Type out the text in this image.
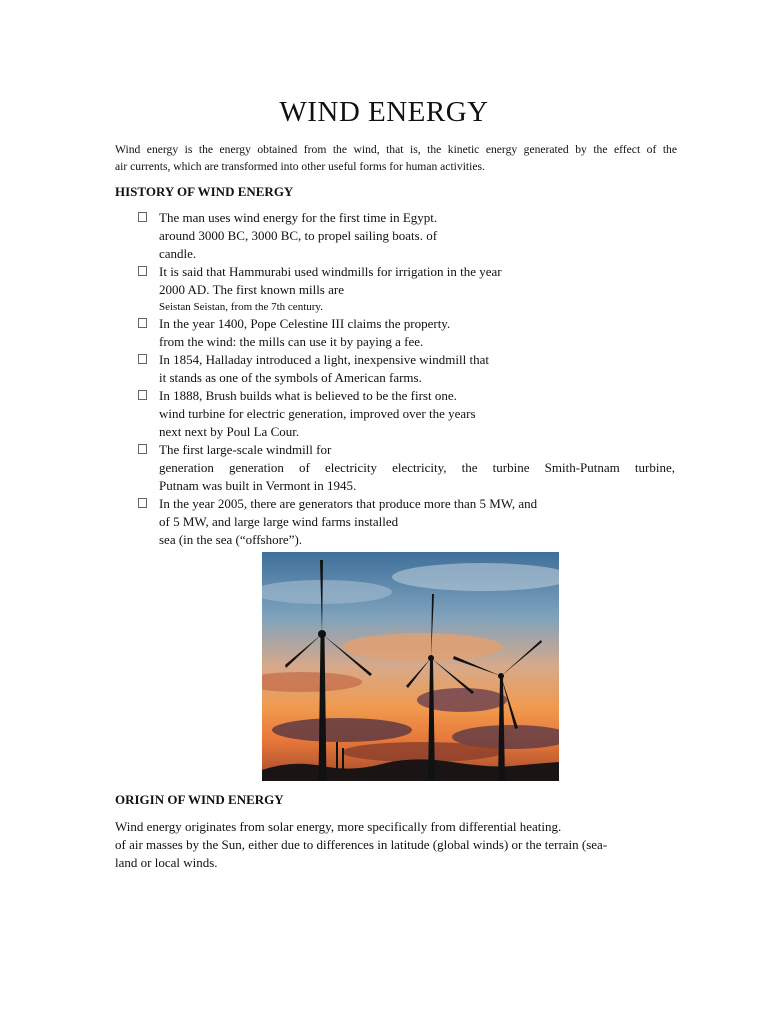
WIND ENERGY

Wind energy is the energy obtained from the wind, that is, the kinetic energy generated by the effect of the

air currents, which are transformed into other useful forms for human activities.

HISTORY OF WIND ENERGY
The man uses wind energy for the first time in Egypt.
around 3000 BC, 3000 BC, to propel sailing boats. of
candle.
It is said that Hammurabi used windmills for irrigation in the year
2000 AD. The first known mills are
Seistan Seistan, from the 7th century.
In the year 1400, Pope Celestine III claims the property.
from the wind: the mills can use it by paying a fee.
In 1854, Halladay introduced a light, inexpensive windmill that
it stands as one of the symbols of American farms.
In 1888, Brush builds what is believed to be the first one.
wind turbine for electric generation, improved over the years
next next by Poul La Cour.
The first large-scale windmill for
generation generation of electricity electricity, the turbine Smith-Putnam turbine,
Putnam was built in Vermont in 1945.
In the year 2005, there are generators that produce more than 5 MW, and
of 5 MW, and large large wind farms installed
sea (in the sea (“offshore”).
ORIGIN OF WIND ENERGY
Wind energy originates from solar energy, more specifically from differential heating.
of air masses by the Sun, either due to differences in latitude (global winds) or the terrain (sea-
land or local winds.
